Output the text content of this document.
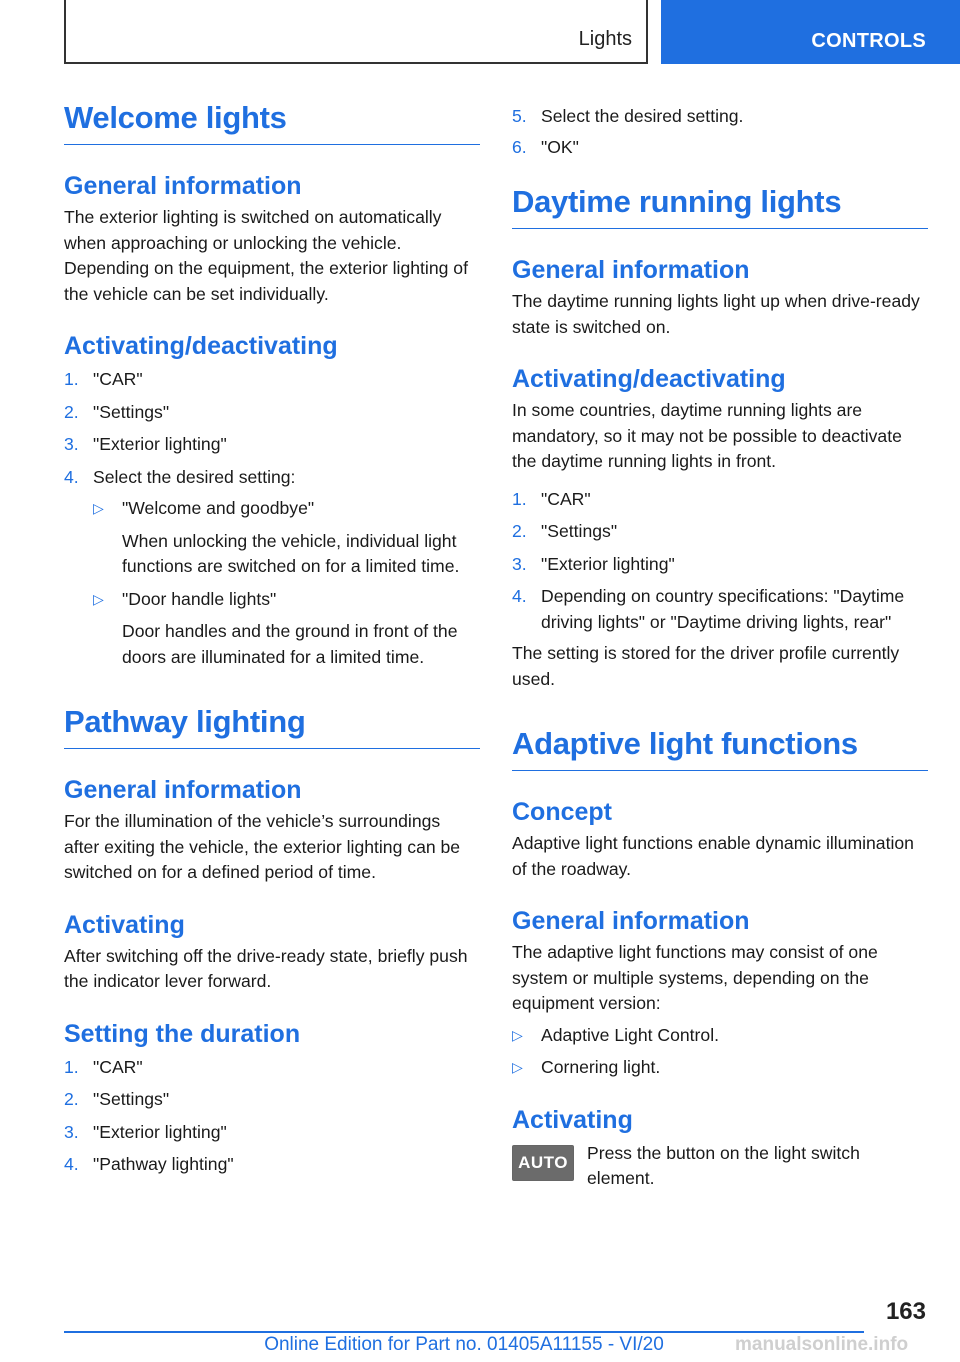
Lights	CONTROLS
Welcome lights
General information

The exterior lighting is switched on automatically when approaching or unlocking the vehicle. Depending on the equipment, the exterior lighting of the vehicle can be set individually.

Activating/deactivating
1. "CAR"
2. "Settings"
3. "Exterior lighting"
4. Select the desired setting:
▷ "Welcome and goodbye"
When unlocking the vehicle, individual light functions are switched on for a limited time.
▷ "Door handle lights"
Door handles and the ground in front of the doors are illuminated for a limited time.
Pathway lighting
General information

For the illumination of the vehicle’s surroundings after exiting the vehicle, the exterior lighting can be switched on for a defined period of time.

Activating

After switching off the drive-ready state, briefly push the indicator lever forward.

Setting the duration
1. "CAR"
2. "Settings"
3. "Exterior lighting"
4. "Pathway lighting"
5. Select the desired setting.
6. "OK"
Daytime running lights
General information

The daytime running lights light up when drive-ready state is switched on.

Activating/deactivating

In some countries, daytime running lights are mandatory, so it may not be possible to deactivate the daytime running lights in front.

1. "CAR"
2. "Settings"
3. "Exterior lighting"
4. Depending on country specifications: "Daytime driving lights" or "Daytime driving lights, rear"

The setting is stored for the driver profile currently used.

Adaptive light functions
Concept

Adaptive light functions enable dynamic illumination of the roadway.

General information

The adaptive light functions may consist of one system or multiple systems, depending on the equipment version:

▷ Adaptive Light Control.
▷ Cornering light.
Activating
AUTO Press the button on the light switch element.

163
Online Edition for Part no. 01405A11155 - VI/20	manualsonline.info
